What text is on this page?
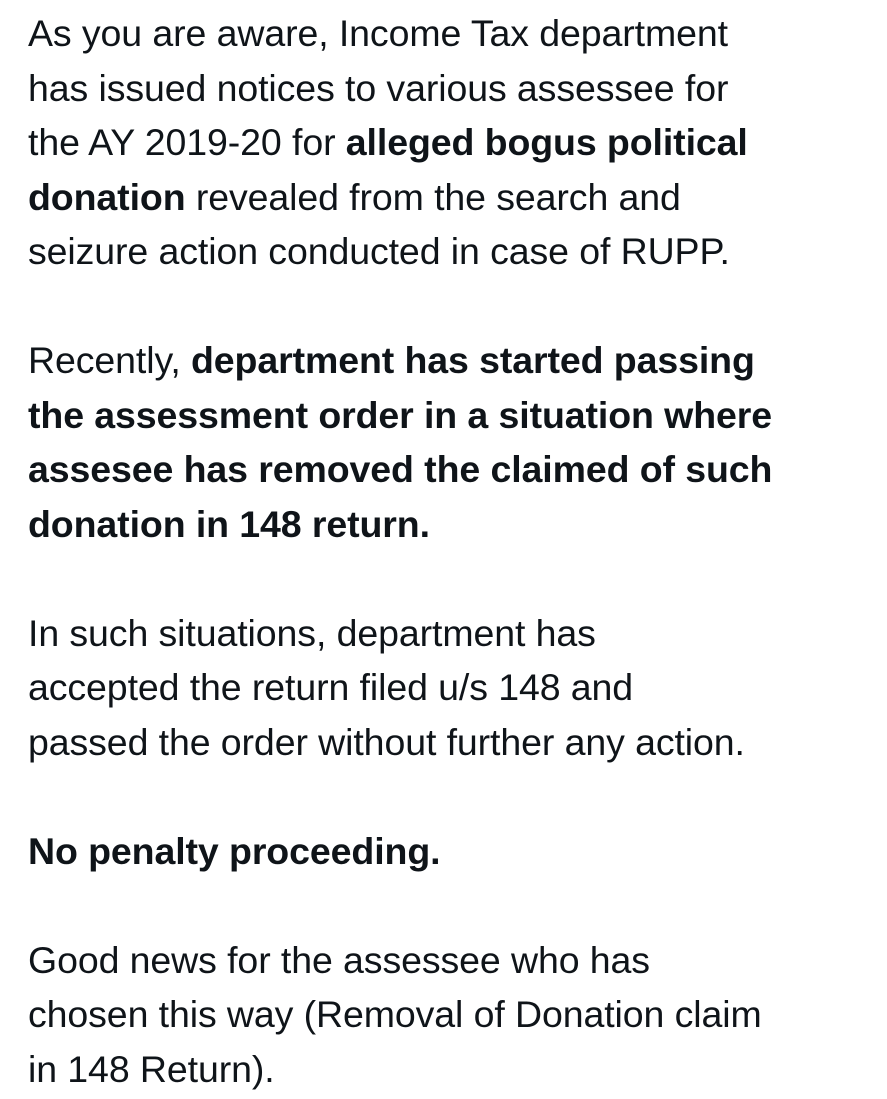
As you are aware, Income Tax department
has issued notices to various assessee for
the AY 2019-20 for alleged bogus political
donation revealed from the search and
seizure action conducted in case of RUPP.

Recently, department has started passing
the assessment order in a situation where
assesee has removed the claimed of such
donation in 148 return.

In such situations, department has
accepted the return filed u/s 148 and
passed the order without further any action.

No penalty proceeding.

Good news for the assessee who has
chosen this way (Removal of Donation claim
in 148 Return).
